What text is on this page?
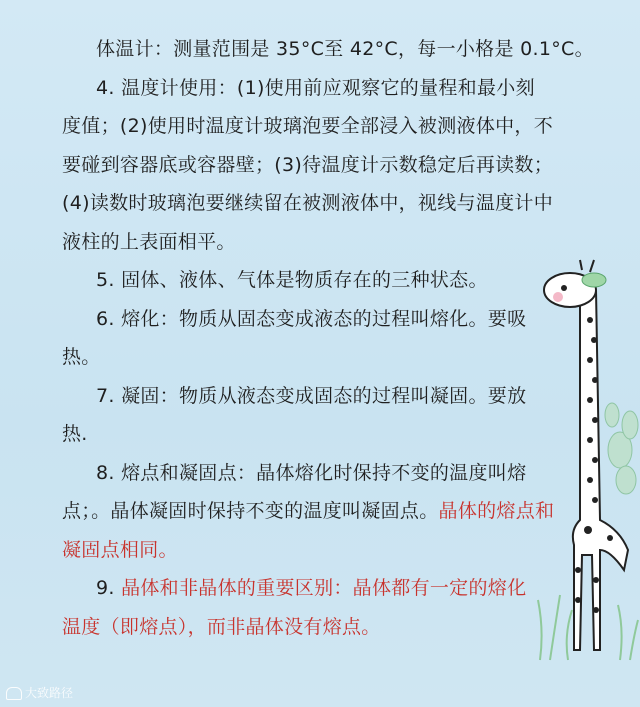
体温计：测量范围是 35°C至 42°C，每一小格是 0.1°C。
4. 温度计使用：(1)使用前应观察它的量程和最小刻
度值；(2)使用时温度计玻璃泡要全部浸入被测液体中，不
要碰到容器底或容器壁；(3)待温度计示数稳定后再读数；
(4)读数时玻璃泡要继续留在被测液体中，视线与温度计中
液柱的上表面相平。
5. 固体、液体、气体是物质存在的三种状态。
6. 熔化：物质从固态变成液态的过程叫熔化。要吸
热。
7. 凝固：物质从液态变成固态的过程叫凝固。要放
热.
8. 熔点和凝固点：晶体熔化时保持不变的温度叫熔
点；。晶体凝固时保持不变的温度叫凝固点。晶体的熔点和
凝固点相同。
9. 晶体和非晶体的重要区别：晶体都有一定的熔化
温度（即熔点），而非晶体没有熔点。
大致路径
